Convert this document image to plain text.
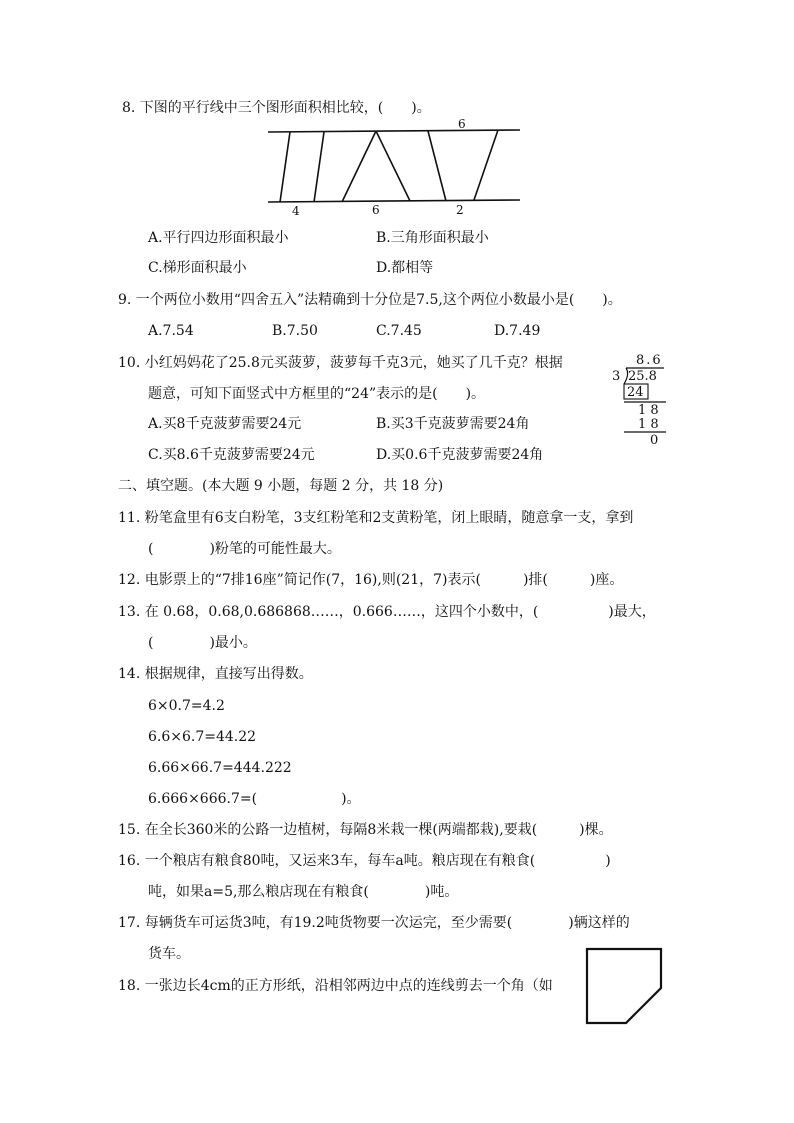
8. 下图的平行线中三个图形面积相比较，(　　)。
6
4	6	2
A.平行四边形面积最小	B.三角形面积最小
C.梯形面积最小	D.都相等
9. 一个两位小数用“四舍五入”法精确到十分位是7.5,这个两位小数最小是(　　)。
A.7.54	B.7.50	C.7.45	D.7.49
10. 小红妈妈花了25.8元买菠萝，菠萝每千克3元，她买了几千克？根据
题意，可知下面竖式中方框里的“24”表示的是(　　)。
A.买8千克菠萝需要24元	B.买3千克菠萝需要24角
C.买8.6千克菠萝需要24元	D.买0.6千克菠萝需要24角
8.6
3 25.8
24
1 8
1 8
0
二、填空题。(本大题 9 小题，每题 2 分，共 18 分)
11. 粉笔盒里有6支白粉笔，3支红粉笔和2支黄粉笔，闭上眼睛，随意拿一支，拿到
(　　　　)粉笔的可能性最大。
12. 电影票上的“7排16座”简记作(7，16),则(21，7)表示(　　　)排(　　　)座。
13. 在 0.68，0.68,0.686868……，0.666……，这四个小数中，(　　　　　)最大，
(　　　　)最小。
14. 根据规律，直接写出得数。
6×0.7=4.2
6.6×6.7=44.22
6.66×66.7=444.222
6.666×666.7=(　　　　　　)。
15. 在全长360米的公路一边植树，每隔8米栽一棵(两端都栽),要栽(　　　)棵。
16. 一个粮店有粮食80吨，又运来3车，每车a吨。粮店现在有粮食(　　　　　)
吨，如果a=5,那么粮店现在有粮食(　　　　)吨。
17. 每辆货车可运货3吨，有19.2吨货物要一次运完，至少需要(　　　　)辆这样的
货车。
18. 一张边长4cm的正方形纸，沿相邻两边中点的连线剪去一个角（如
